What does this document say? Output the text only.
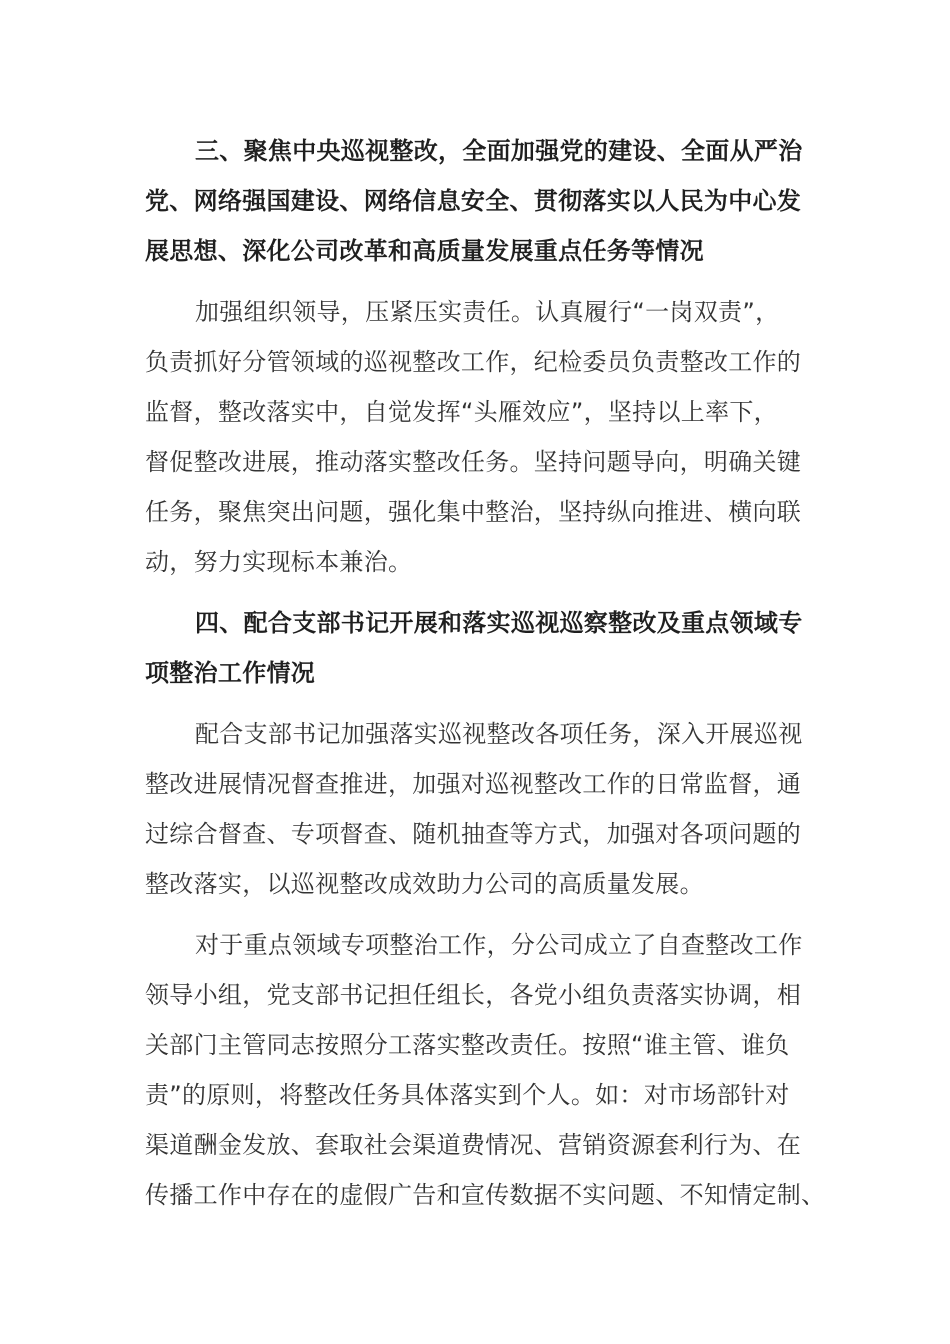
三、聚焦中央巡视整改，全面加强党的建设、全面从严治
党、网络强国建设、网络信息安全、贯彻落实以人民为中心发
展思想、深化公司改革和高质量发展重点任务等情况
加强组织领导，压紧压实责任。认真履行“一岗双责”，
负责抓好分管领域的巡视整改工作，纪检委员负责整改工作的
监督，整改落实中，自觉发挥“头雁效应”，坚持以上率下，
督促整改进展，推动落实整改任务。坚持问题导向，明确关键
任务，聚焦突出问题，强化集中整治，坚持纵向推进、横向联
动，努力实现标本兼治。
四、配合支部书记开展和落实巡视巡察整改及重点领域专
项整治工作情况
配合支部书记加强落实巡视整改各项任务，深入开展巡视
整改进展情况督查推进，加强对巡视整改工作的日常监督，通
过综合督查、专项督查、随机抽查等方式，加强对各项问题的
整改落实，以巡视整改成效助力公司的高质量发展。
对于重点领域专项整治工作，分公司成立了自查整改工作
领导小组，党支部书记担任组长，各党小组负责落实协调，相
关部门主管同志按照分工落实整改责任。按照“谁主管、谁负
责”的原则，将整改任务具体落实到个人。如：对市场部针对
渠道酬金发放、套取社会渠道费情况、营销资源套利行为、在
传播工作中存在的虚假广告和宣传数据不实问题、不知情定制、
